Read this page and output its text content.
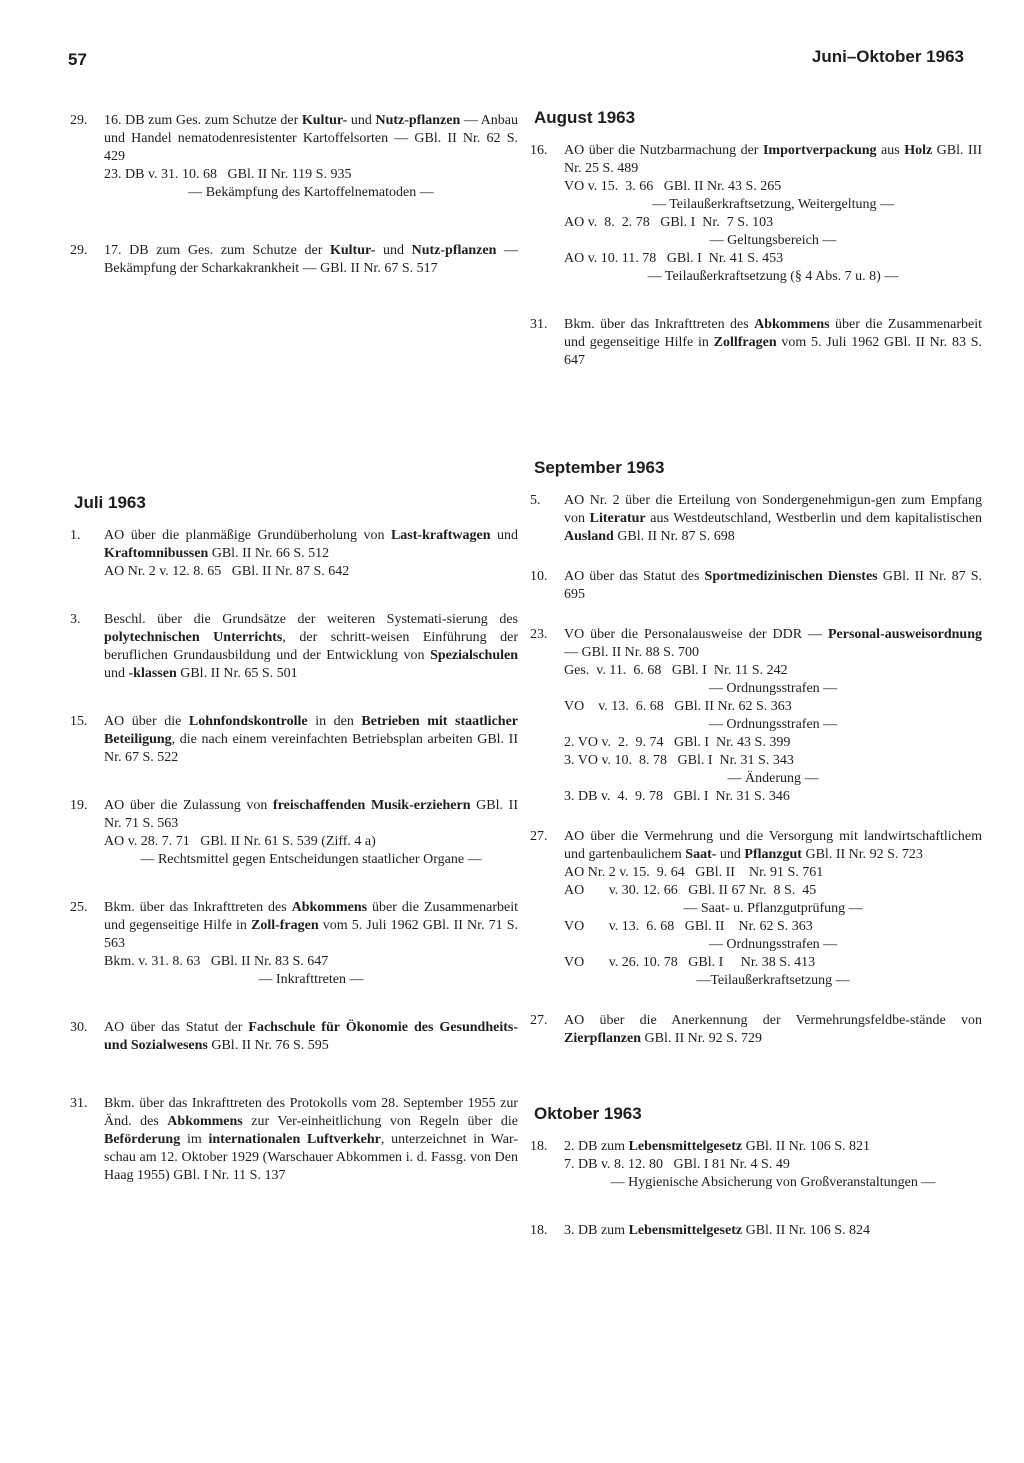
57	Juni–Oktober 1963
29.	16. DB zum Ges. zum Schutze der Kultur- und Nutz-pflanzen — Anbau und Handel nematodenresistenter Kartoffelsorten — GBl. II Nr. 62 S. 429
23. DB v. 31. 10. 68   GBl. II Nr. 119 S. 935
— Bekämpfung des Kartoffelnematoden —
29.	17. DB zum Ges. zum Schutze der Kultur- und Nutz-pflanzen — Bekämpfung der Scharkakrankheit — GBl. II Nr. 67 S. 517
Juli 1963
1.	AO über die planmäßige Grundüberholung von Last-kraftwagen und Kraftomnibussen GBl. II Nr. 66 S. 512
AO Nr. 2 v. 12. 8. 65   GBl. II Nr. 87 S. 642
3.	Beschl. über die Grundsätze der weiteren Systemati-sierung des polytechnischen Unterrichts, der schritt-weisen Einführung der beruflichen Grundausbildung und der Entwicklung von Spezialschulen und -klassen GBl. II Nr. 65 S. 501
15.	AO über die Lohnfondskontrolle in den Betrieben mit staatlicher Beteiligung, die nach einem vereinfachten Betriebsplan arbeiten GBl. II Nr. 67 S. 522
19.	AO über die Zulassung von freischaffenden Musik-erziehern GBl. II Nr. 71 S. 563
AO v. 28. 7. 71   GBl. II Nr. 61 S. 539 (Ziff. 4 a)
— Rechtsmittel gegen Entscheidungen staatlicher Organe —
25.	Bkm. über das Inkrafttreten des Abkommens über die Zusammenarbeit und gegenseitige Hilfe in Zoll-fragen vom 5. Juli 1962 GBl. II Nr. 71 S. 563
Bkm. v. 31. 8. 63   GBl. II Nr. 83 S. 647
— Inkrafttreten —
30.	AO über das Statut der Fachschule für Ökonomie des Gesundheits- und Sozialwesens GBl. II Nr. 76 S. 595
31.	Bkm. über das Inkrafttreten des Protokolls vom 28. September 1955 zur Änd. des Abkommens zur Ver-einheitlichung von Regeln über die Beförderung im internationalen Luftverkehr, unterzeichnet in War-schau am 12. Oktober 1929 (Warschauer Abkommen i. d. Fassg. von Den Haag 1955) GBl. I Nr. 11 S. 137
August 1963
16.	AO über die Nutzbarmachung der Importverpackung aus Holz GBl. III Nr. 25 S. 489
VO v. 15.  3. 66   GBl. II Nr. 43 S. 265
— Teilaußerkraftsetzung, Weitergeltung —
AO v.  8.  2. 78   GBl. I  Nr.  7 S. 103
— Geltungsbereich —
AO v. 10. 11. 78   GBl. I  Nr. 41 S. 453
— Teilaußerkraftsetzung (§ 4 Abs. 7 u. 8) —
31.	Bkm. über das Inkrafttreten des Abkommens über die Zusammenarbeit und gegenseitige Hilfe in Zollfragen vom 5. Juli 1962 GBl. II Nr. 83 S. 647
September 1963
5.	AO Nr. 2 über die Erteilung von Sondergenehmigun-gen zum Empfang von Literatur aus Westdeutschland, Westberlin und dem kapitalistischen Ausland GBl. II Nr. 87 S. 698
10.	AO über das Statut des Sportmedizinischen Dienstes GBl. II Nr. 87 S. 695
23.	VO über die Personalausweise der DDR — Personal-ausweisordnung — GBl. II Nr. 88 S. 700
Ges.  v. 11.  6. 68   GBl. I  Nr. 11 S. 242
— Ordnungsstrafen —
VO    v. 13.  6. 68   GBl. II Nr. 62 S. 363
— Ordnungsstrafen —
2. VO v.  2.  9. 74   GBl. I  Nr. 43 S. 399
3. VO v. 10.  8. 78   GBl. I  Nr. 31 S. 343
— Änderung —
3. DB v.  4.  9. 78   GBl. I  Nr. 31 S. 346
27.	AO über die Vermehrung und die Versorgung mit landwirtschaftlichem und gartenbaulichem Saat- und Pflanzgut GBl. II Nr. 92 S. 723
AO Nr. 2 v. 15.  9. 64   GBl. II    Nr. 91 S. 761
AO       v. 30. 12. 66   GBl. II 67 Nr.  8 S.  45
— Saat- u. Pflanzgutprüfung —
VO       v. 13.  6. 68   GBl. II    Nr. 62 S. 363
— Ordnungsstrafen —
VO       v. 26. 10. 78   GBl. I     Nr. 38 S. 413
—Teilaußerkraftsetzung —
27.	AO über die Anerkennung der Vermehrungsfeldbe-stände von Zierpflanzen GBl. II Nr. 92 S. 729
Oktober 1963
18.	2. DB zum Lebensmittelgesetz GBl. II Nr. 106 S. 821
7. DB v. 8. 12. 80   GBl. I 81 Nr. 4 S. 49
— Hygienische Absicherung von Großveranstaltungen —
18.	3. DB zum Lebensmittelgesetz GBl. II Nr. 106 S. 824
